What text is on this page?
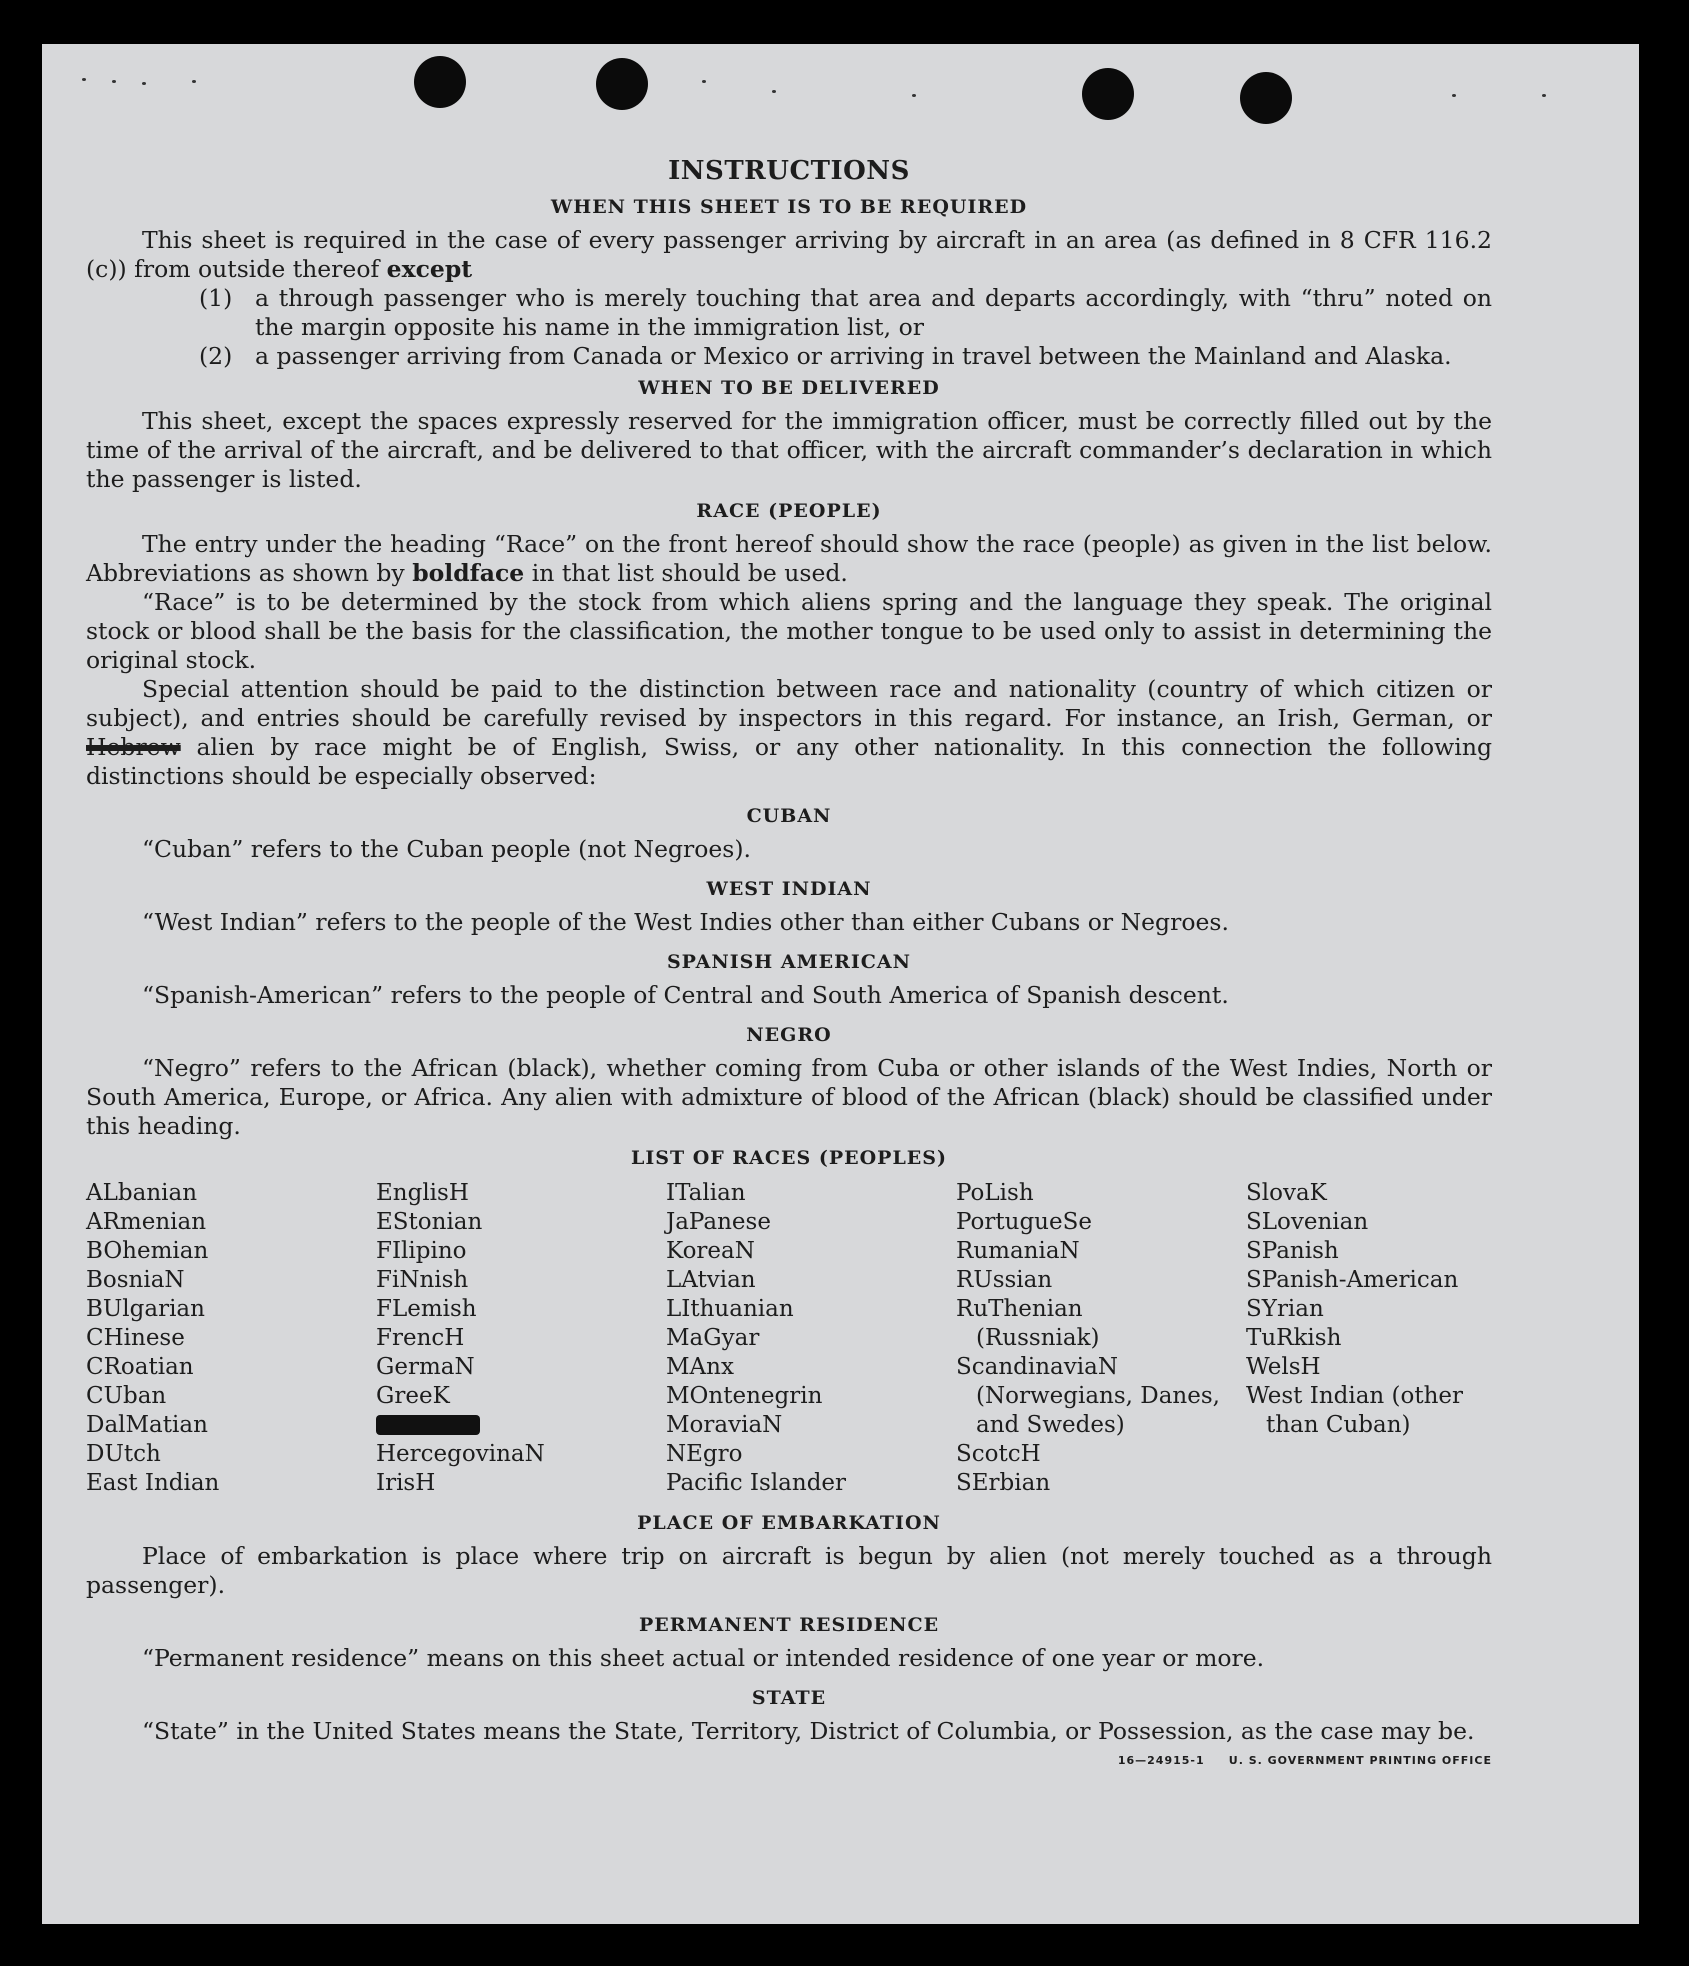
INSTRUCTIONS
WHEN THIS SHEET IS TO BE REQUIRED

This sheet is required in the case of every passenger arriving by aircraft in an area (as defined in 8 CFR 116.2 (c)) from outside thereof except

(1) a through passenger who is merely touching that area and departs accordingly, with “thru” noted on the margin opposite his name in the immigration list, or
(2) a passenger arriving from Canada or Mexico or arriving in travel between the Mainland and Alaska.
WHEN TO BE DELIVERED

This sheet, except the spaces expressly reserved for the immigration officer, must be correctly filled out by the time of the arrival of the aircraft, and be delivered to that officer, with the aircraft commander’s declaration in which the passenger is listed.

RACE (PEOPLE)

The entry under the heading “Race” on the front hereof should show the race (people) as given in the list below. Abbreviations as shown by boldface in that list should be used.

“Race” is to be determined by the stock from which aliens spring and the language they speak. The original stock or blood shall be the basis for the classification, the mother tongue to be used only to assist in determining the original stock.

Special attention should be paid to the distinction between race and nationality (country of which citizen or subject), and entries should be carefully revised by inspectors in this regard. For instance, an Irish, German, or Hebrew alien by race might be of English, Swiss, or any other nationality. In this connection the following distinctions should be especially observed:

CUBAN

“Cuban” refers to the Cuban people (not Negroes).

WEST INDIAN

“West Indian” refers to the people of the West Indies other than either Cubans or Negroes.

SPANISH AMERICAN

“Spanish-American” refers to the people of Central and South America of Spanish descent.

NEGRO

“Negro” refers to the African (black), whether coming from Cuba or other islands of the West Indies, North or South America, Europe, or Africa. Any alien with admixture of blood of the African (black) should be classified under this heading.

LIST OF RACES (PEOPLES)
ALbanian
ARmenian
BOhemian
BosniaN
BUlgarian
CHinese
CRoatian
CUban
DalMatian
DUtch
East Indian
EnglisH
EStonian
FIlipino
FiNnish
FLemish
FrencH
GermaN
GreeK
HercegovinaN
IrisH
ITalian
JaPanese
KoreaN
LAtvian
LIthuanian
MaGyar
MAnx
MOntenegrin
MoraviaN
NEgro
Pacific Islander
PoLish
PortugueSe
RumaniaN
RUssian
RuThenian (Russniak)
ScandinaviaN (Norwegians, Danes, and Swedes)
ScotcH
SErbian
SlovaK
SLovenian
SPanish
SPanish-American
SYrian
TuRkish
WelsH
West Indian (other than Cuban)
PLACE OF EMBARKATION

Place of embarkation is place where trip on aircraft is begun by alien (not merely touched as a through passenger).

PERMANENT RESIDENCE

“Permanent residence” means on this sheet actual or intended residence of one year or more.

STATE

“State” in the United States means the State, Territory, District of Columbia, or Possession, as the case may be.

16—24915-1 U. S. GOVERNMENT PRINTING OFFICE
